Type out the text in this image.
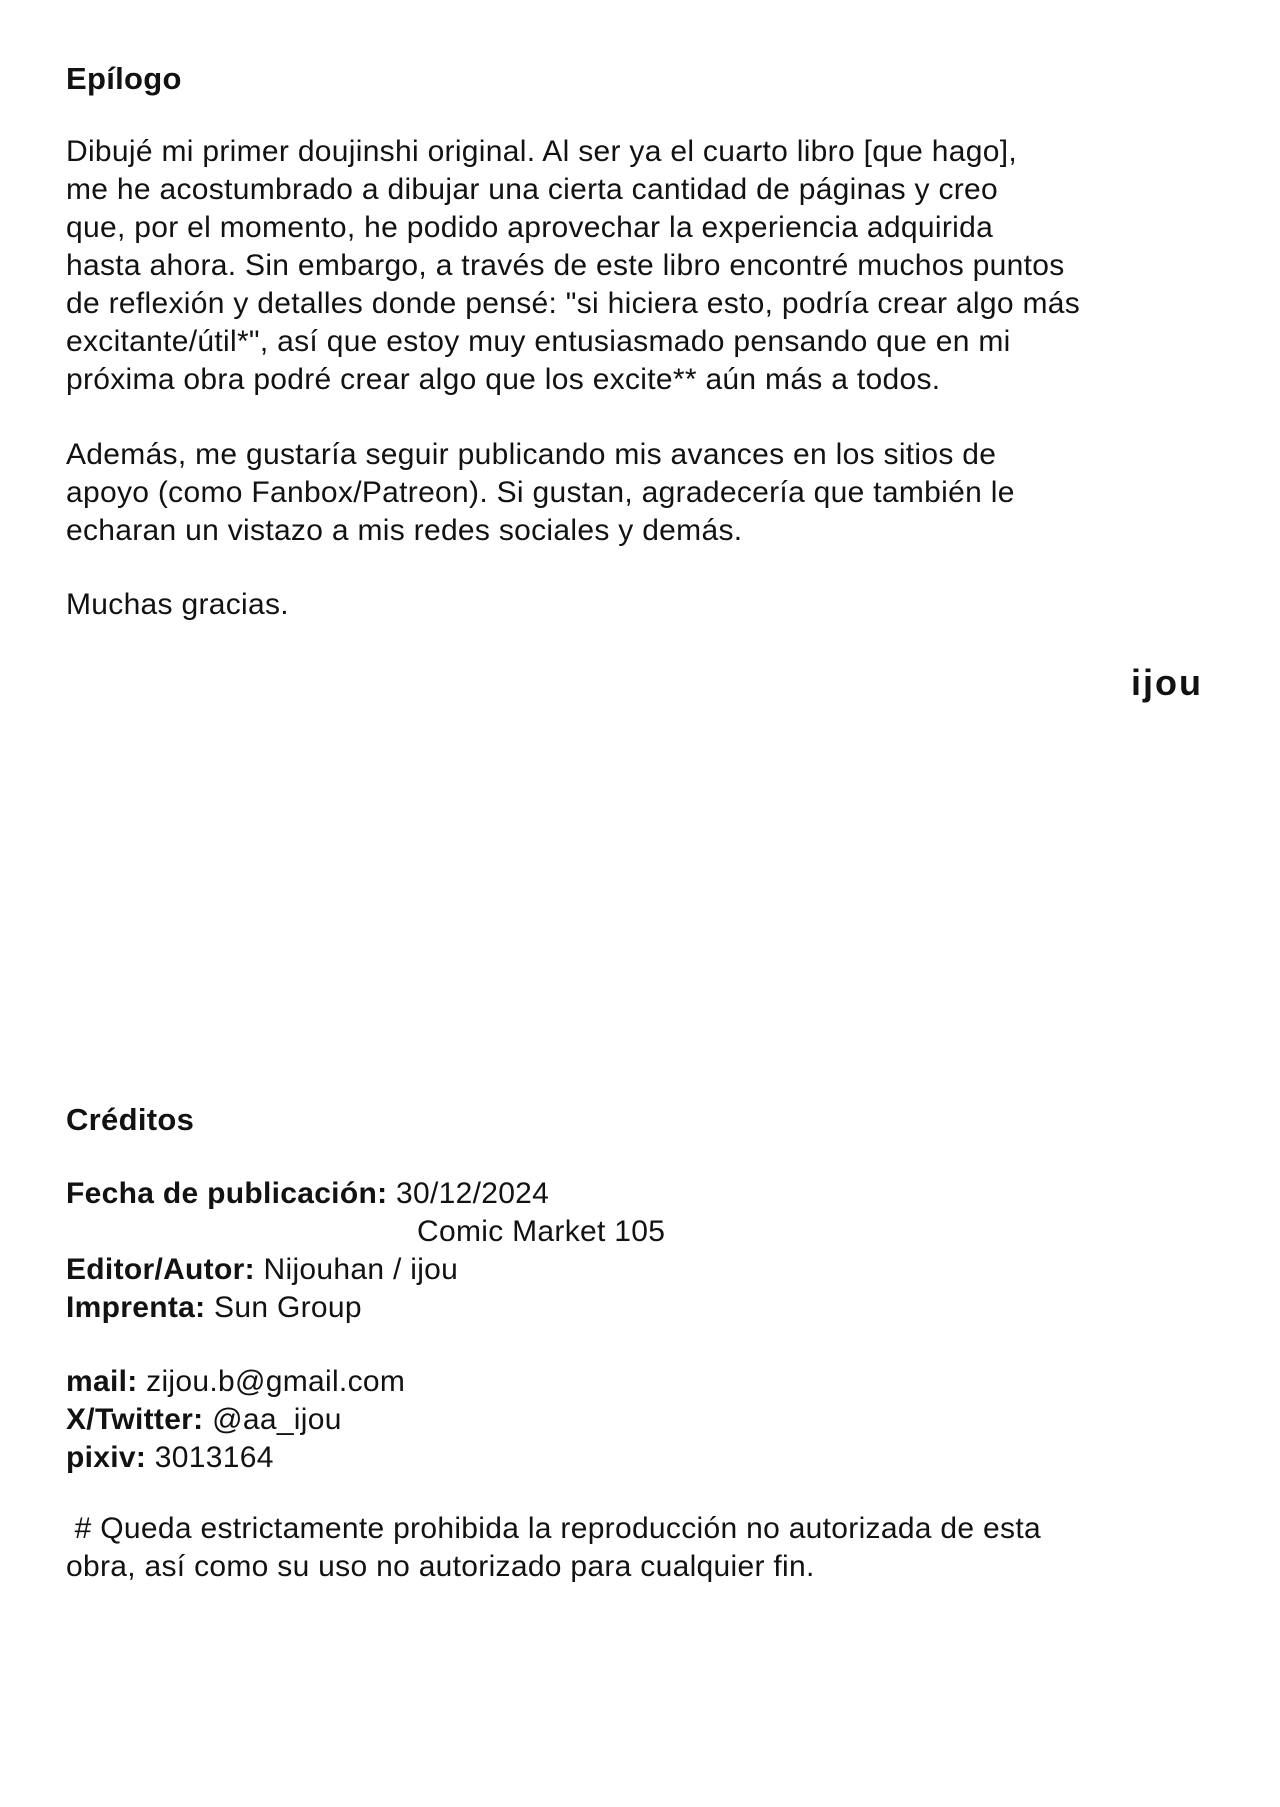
Epílogo
Dibujé mi primer doujinshi original. Al ser ya el cuarto libro [que hago],
me he acostumbrado a dibujar una cierta cantidad de páginas y creo
que, por el momento, he podido aprovechar la experiencia adquirida
hasta ahora. Sin embargo, a través de este libro encontré muchos puntos
de reflexión y detalles donde pensé: "si hiciera esto, podría crear algo más
excitante/útil*", así que estoy muy entusiasmado pensando que en mi
próxima obra podré crear algo que los excite** aún más a todos.
Además, me gustaría seguir publicando mis avances en los sitios de
apoyo (como Fanbox/Patreon). Si gustan, agradecería que también le
echaran un vistazo a mis redes sociales y demás.
Muchas gracias.
ijou
Créditos
Fecha de publicación: 30/12/2024
Comic Market 105
Editor/Autor: Nijouhan / ijou
Imprenta: Sun Group
mail: zijou.b@gmail.com
X/Twitter: @aa_ijou
pixiv: 3013164
# Queda estrictamente prohibida la reproducción no autorizada de esta
obra, así como su uso no autorizado para cualquier fin.
